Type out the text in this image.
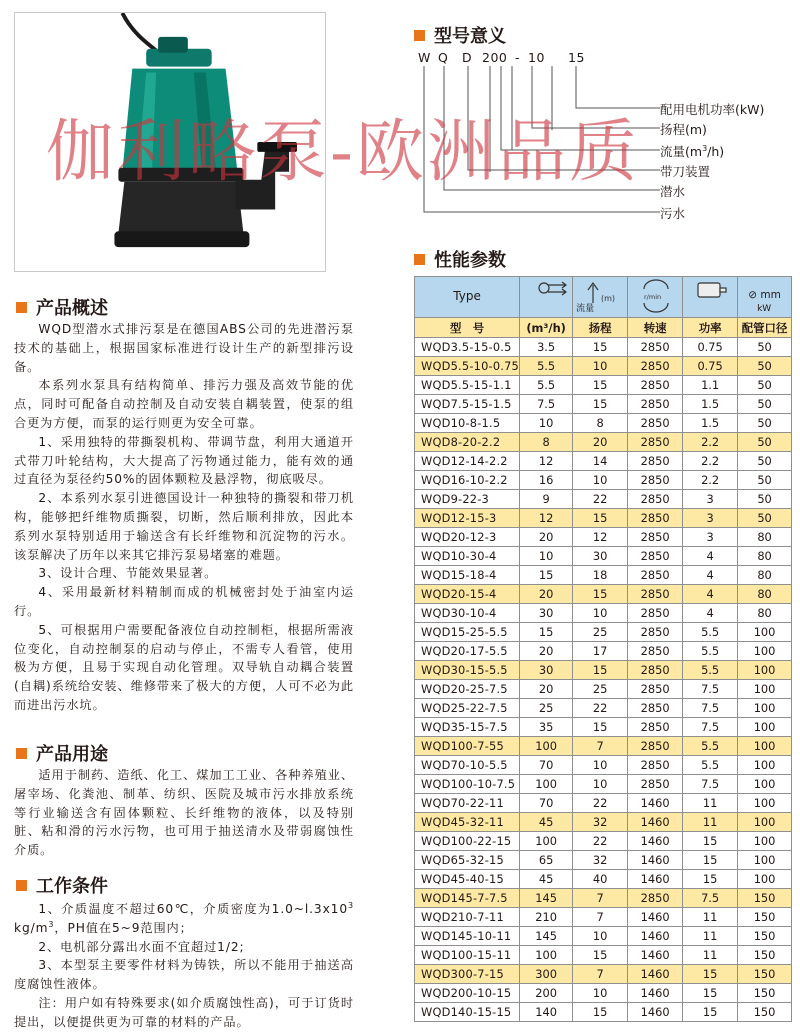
产品概述

WQD型潜水式排污泵是在德国ABS公司的先进潜污泵技术的基础上，根据国家标准进行设计生产的新型排污设备。

本系列水泵具有结构简单、排污力强及高效节能的优点，同时可配备自动控制及自动安装自耦装置，使泵的组合更为方便，而泵的运行则更为安全可靠。

1、采用独特的带撕裂机构、带调节盘，利用大通道开式带刀叶轮结构，大大提高了污物通过能力，能有效的通过直径为泵径约50%的固体颗粒及悬浮物，彻底吸尽。

2、本系列水泵引进德国设计一种独特的撕裂和带刀机构，能够把纤维物质撕裂，切断，然后顺利排放，因此本系列水泵特别适用于输送含有长纤维物和沉淀物的污水。该泵解决了历年以来其它排污泵易堵塞的难题。

3、设计合理、节能效果显著。

4、采用最新材料精制而成的机械密封处于油室内运行。

5、可根据用户需要配备液位自动控制柜，根据所需液位变化，自动控制泵的启动与停止，不需专人看管，使用极为方便，且易于实现自动化管理。双导轨自动耦合装置(自耦)系统给安装、维修带来了极大的方便，人可不必为此而进出污水坑。

产品用途

适用于制药、造纸、化工、煤加工工业、各种养殖业、屠宰场、化粪池、制革、纺织、医院及城市污水排放系统等行业输送含有固体颗粒、长纤维物的液体，以及特别脏、粘和滑的污水污物，也可用于抽送清水及带弱腐蚀性介质。

工作条件

1、介质温度不超过60℃，介质密度为$1.0\sim l.3x10^3$ $kg/m^3$，PH值在5~9范围内；

2、电机部分露出水面不宜超过1/2;

3、本型泵主要零件材料为铸铁，所以不能用于抽送高度腐蚀性液体。

注：用户如有特殊要求(如介质腐蚀性高)，可于订货时提出，以便提供更为可靠的材料的产品。

型号意义
W Q D 200 - 10 15
配用电机功率(kW)
扬程(m)
流量$(m^3/h)$
带刀装置
潜水
污水
性能参数
Type	流量	(m)	r/min	kW	⊘ mm

型　号	(m³/h)	扬程	转速	功率	配管口径
WQD3.5-15-0.5	3.5	15	2850	0.75	50
WQD5.5-10-0.75	5.5	10	2850	0.75	50
WQD5.5-15-1.1	5.5	15	2850	1.1	50
WQD7.5-15-1.5	7.5	15	2850	1.5	50
WQD10-8-1.5	10	8	2850	1.5	50
WQD8-20-2.2	8	20	2850	2.2	50
WQD12-14-2.2	12	14	2850	2.2	50
WQD16-10-2.2	16	10	2850	2.2	50
WQD9-22-3	9	22	2850	3	50
WQD12-15-3	12	15	2850	3	50
WQD20-12-3	20	12	2850	3	80
WQD10-30-4	10	30	2850	4	80
WQD15-18-4	15	18	2850	4	80
WQD20-15-4	20	15	2850	4	80
WQD30-10-4	30	10	2850	4	80
WQD15-25-5.5	15	25	2850	5.5	100
WQD20-17-5.5	20	17	2850	5.5	100
WQD30-15-5.5	30	15	2850	5.5	100
WQD20-25-7.5	20	25	2850	7.5	100
WQD25-22-7.5	25	22	2850	7.5	100
WQD35-15-7.5	35	15	2850	7.5	100
WQD100-7-55	100	7	2850	5.5	100
WQD70-10-5.5	70	10	2850	5.5	100
WQD100-10-7.5	100	10	2850	7.5	100
WQD70-22-11	70	22	1460	11	100
WQD45-32-11	45	32	1460	11	100
WQD100-22-15	100	22	1460	15	100
WQD65-32-15	65	32	1460	15	100
WQD45-40-15	45	40	1460	15	100
WQD145-7-7.5	145	7	2850	7.5	150
WQD210-7-11	210	7	1460	11	150
WQD145-10-11	145	10	1460	11	150
WQD100-15-11	100	15	1460	11	150
WQD300-7-15	300	7	1460	15	150
WQD200-10-15	200	10	1460	15	150
WQD140-15-15	140	15	1460	15	150
伽利略泵-欧洲品质
